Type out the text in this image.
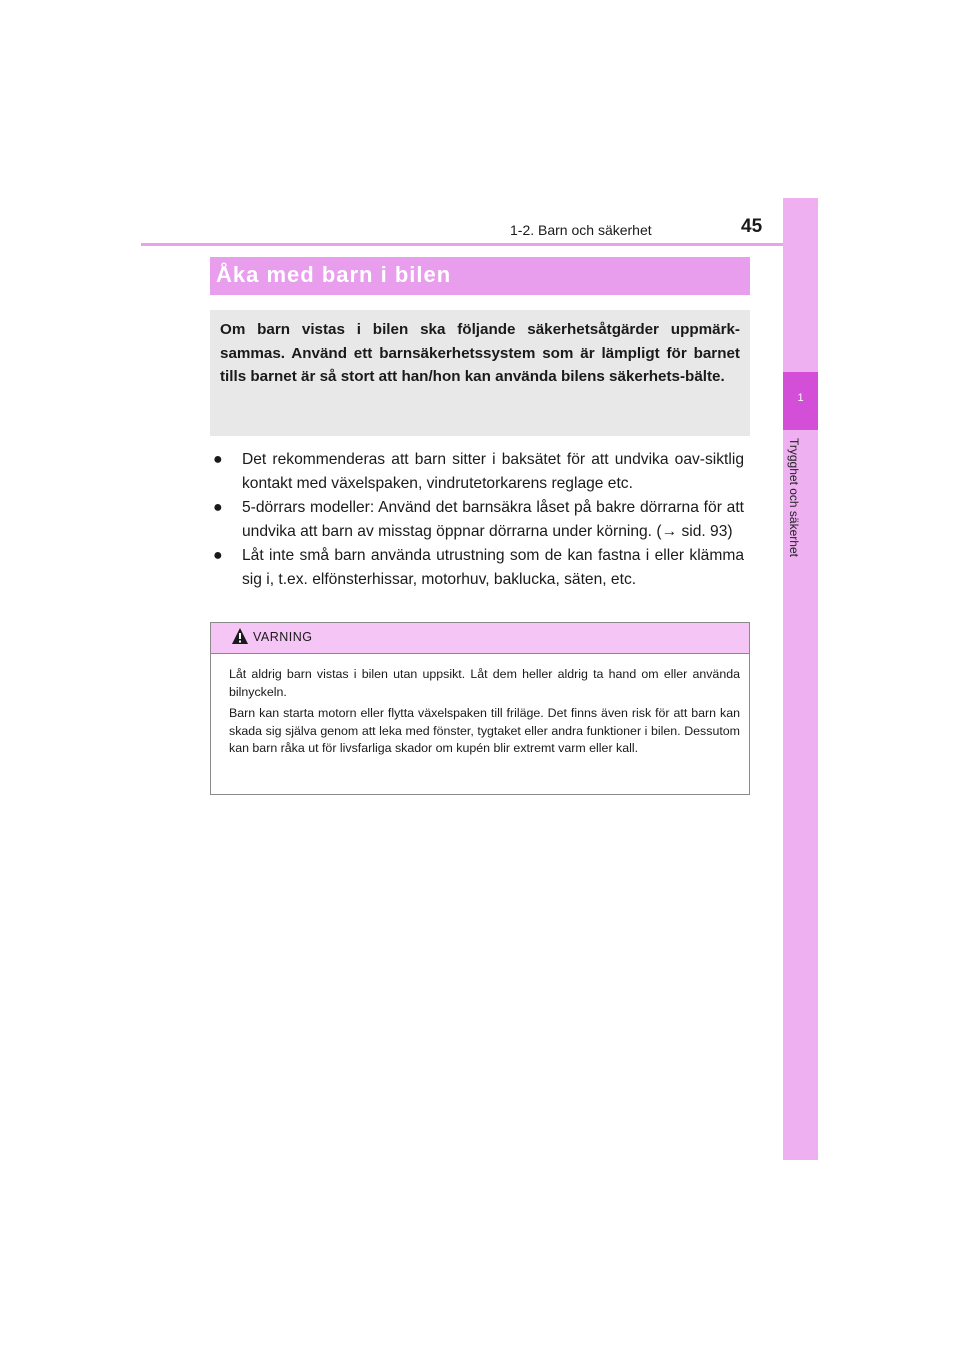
45
1-2. Barn och säkerhet
1
Trygghet och säkerhet
Åka med barn i bilen
Om barn vistas i bilen ska följande säkerhetsåtgärder uppmärk-sammas. Använd ett barnsäkerhetssystem som är lämpligt för barnet tills barnet är så stort att han/hon kan använda bilens säkerhets-bälte.
● Det rekommenderas att barn sitter i baksätet för att undvika oav-siktlig kontakt med växelspaken, vindrutetorkarens reglage etc.
● 5-dörrars modeller: Använd det barnsäkra låset på bakre dörrarna för att undvika att barn av misstag öppnar dörrarna under körning. (→ sid. 93)
● Låt inte små barn använda utrustning som de kan fastna i eller klämma sig i, t.ex. elfönsterhissar, motorhuv, baklucka, säten, etc.
VARNING

Låt aldrig barn vistas i bilen utan uppsikt. Låt dem heller aldrig ta hand om eller använda bilnyckeln.

Barn kan starta motorn eller flytta växelspaken till friläge. Det finns även risk för att barn kan skada sig själva genom att leka med fönster, tygtaket eller andra funktioner i bilen. Dessutom kan barn råka ut för livsfarliga skador om kupén blir extremt varm eller kall.
